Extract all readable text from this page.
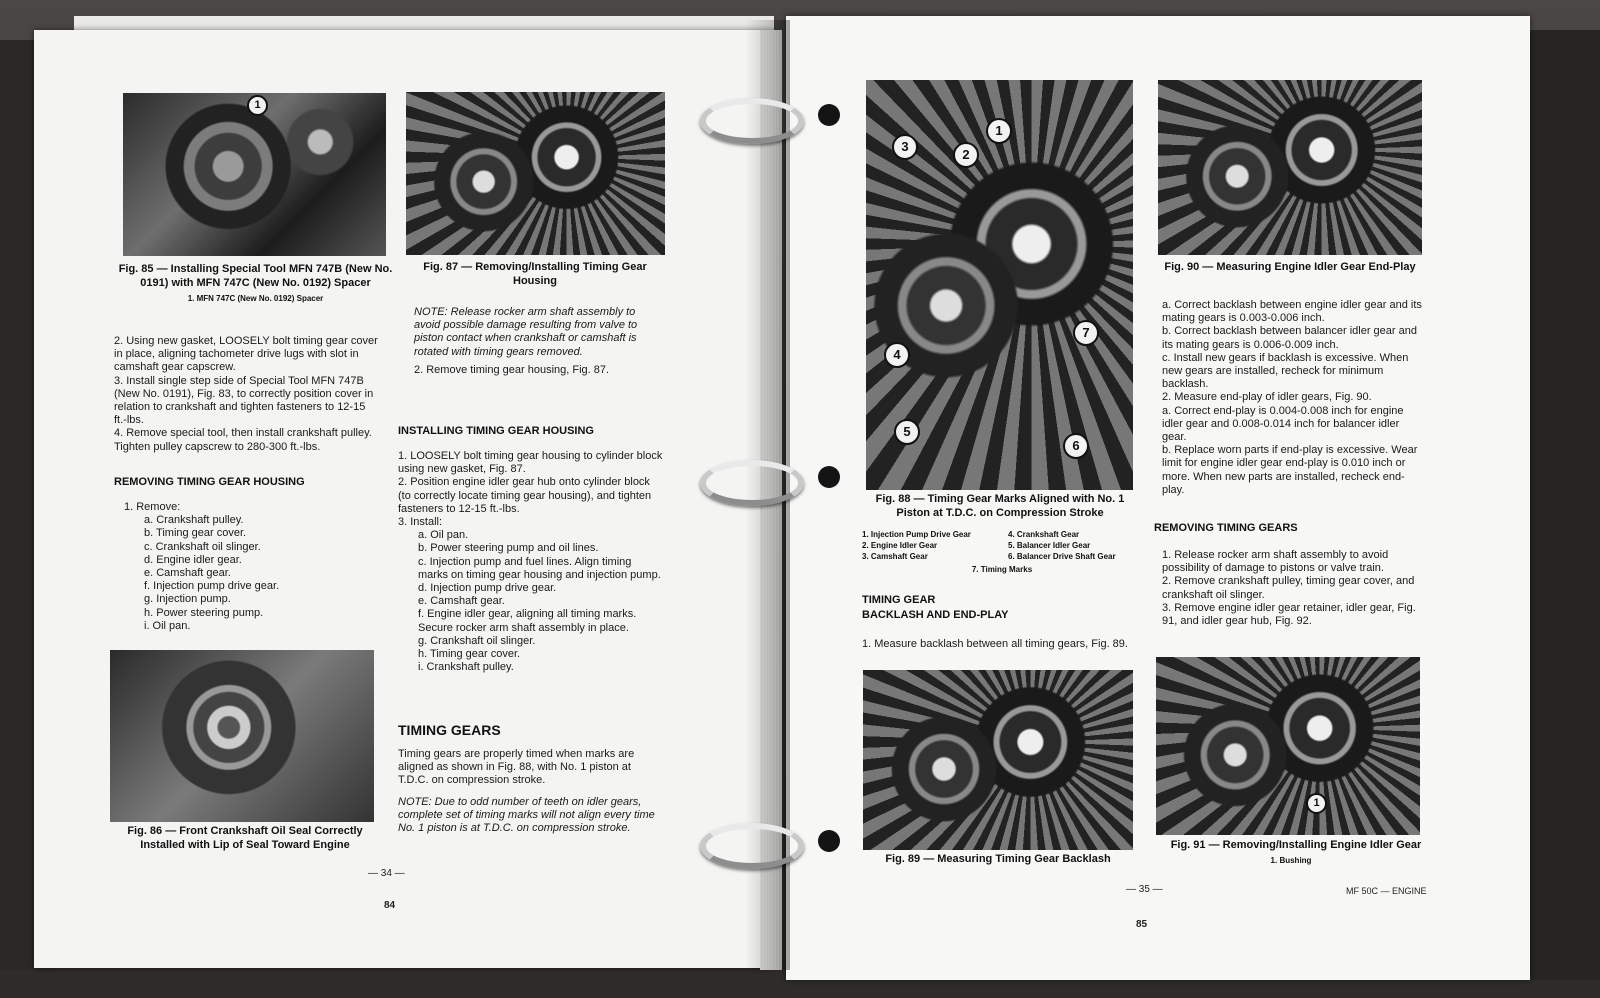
1
Fig. 85 — Installing Special Tool MFN 747B (New No. 0191) with MFN 747C (New No. 0192) Spacer
1. MFN 747C (New No. 0192) Spacer
Fig. 87 — Removing/Installing Timing Gear Housing

2. Using new gasket, LOOSELY bolt timing gear cover in place, aligning tachometer drive lugs with slot in camshaft gear capscrew.

3. Install single step side of Special Tool MFN 747B (New No. 0191), Fig. 83, to correctly position cover in relation to crankshaft and tighten fasteners to 12-15 ft.-lbs.

4. Remove special tool, then install crankshaft pulley. Tighten pulley capscrew to 280-300 ft.-lbs.

REMOVING TIMING GEAR HOUSING

1. Remove:

a. Crankshaft pulley.

b. Timing gear cover.

c. Crankshaft oil slinger.

d. Engine idler gear.

e. Camshaft gear.

f. Injection pump drive gear.

g. Injection pump.

h. Power steering pump.

i. Oil pan.

Fig. 86 — Front Crankshaft Oil Seal Correctly Installed with Lip of Seal Toward Engine
NOTE: Release rocker arm shaft assembly to avoid possible damage resulting from valve to piston contact when crankshaft or camshaft is rotated with timing gears removed.
2. Remove timing gear housing, Fig. 87.
INSTALLING TIMING GEAR HOUSING

1. LOOSELY bolt timing gear housing to cylinder block using new gasket, Fig. 87.

2. Position engine idler gear hub onto cylinder block (to correctly locate timing gear housing), and tighten fasteners to 12-15 ft.-lbs.

3. Install:

a. Oil pan.

b. Power steering pump and oil lines.

c. Injection pump and fuel lines. Align timing marks on timing gear housing and injection pump.

d. Injection pump drive gear.

e. Camshaft gear.

f. Engine idler gear, aligning all timing marks. Secure rocker arm shaft assembly in place.

g. Crankshaft oil slinger.

h. Timing gear cover.

i. Crankshaft pulley.

TIMING GEARS
Timing gears are properly timed when marks are aligned as shown in Fig. 88, with No. 1 piston at T.D.C. on compression stroke.
NOTE: Due to odd number of teeth on idler gears, complete set of timing marks will not align every time No. 1 piston is at T.D.C. on compression stroke.
— 34 —
84
1
2
3
4
5
6
7
Fig. 88 — Timing Gear Marks Aligned with No. 1 Piston at T.D.C. on Compression Stroke
1. Injection Pump Drive Gear
2. Engine Idler Gear
3. Camshaft Gear
4. Crankshaft Gear
5. Balancer Idler Gear
6. Balancer Drive Shaft Gear
7. Timing Marks
TIMING GEAR
BACKLASH AND END-PLAY
1. Measure backlash between all timing gears, Fig. 89.
Fig. 89 — Measuring Timing Gear Backlash
Fig. 90 — Measuring Engine Idler Gear End-Play

a. Correct backlash between engine idler gear and its mating gears is 0.003-0.006 inch.

b. Correct backlash between balancer idler gear and its mating gears is 0.006-0.009 inch.

c. Install new gears if backlash is excessive. When new gears are installed, recheck for minimum backlash.

2. Measure end-play of idler gears, Fig. 90.

a. Correct end-play is 0.004-0.008 inch for engine idler gear and 0.008-0.014 inch for balancer idler gear.

b. Replace worn parts if end-play is excessive. Wear limit for engine idler gear end-play is 0.010 inch or more. When new parts are installed, recheck end-play.

REMOVING TIMING GEARS

1. Release rocker arm shaft assembly to avoid possibility of damage to pistons or valve train.

2. Remove crankshaft pulley, timing gear cover, and crankshaft oil slinger.

3. Remove engine idler gear retainer, idler gear, Fig. 91, and idler gear hub, Fig. 92.

1
Fig. 91 — Removing/Installing Engine Idler Gear
1. Bushing
— 35 —	MF 50C — ENGINE
85
